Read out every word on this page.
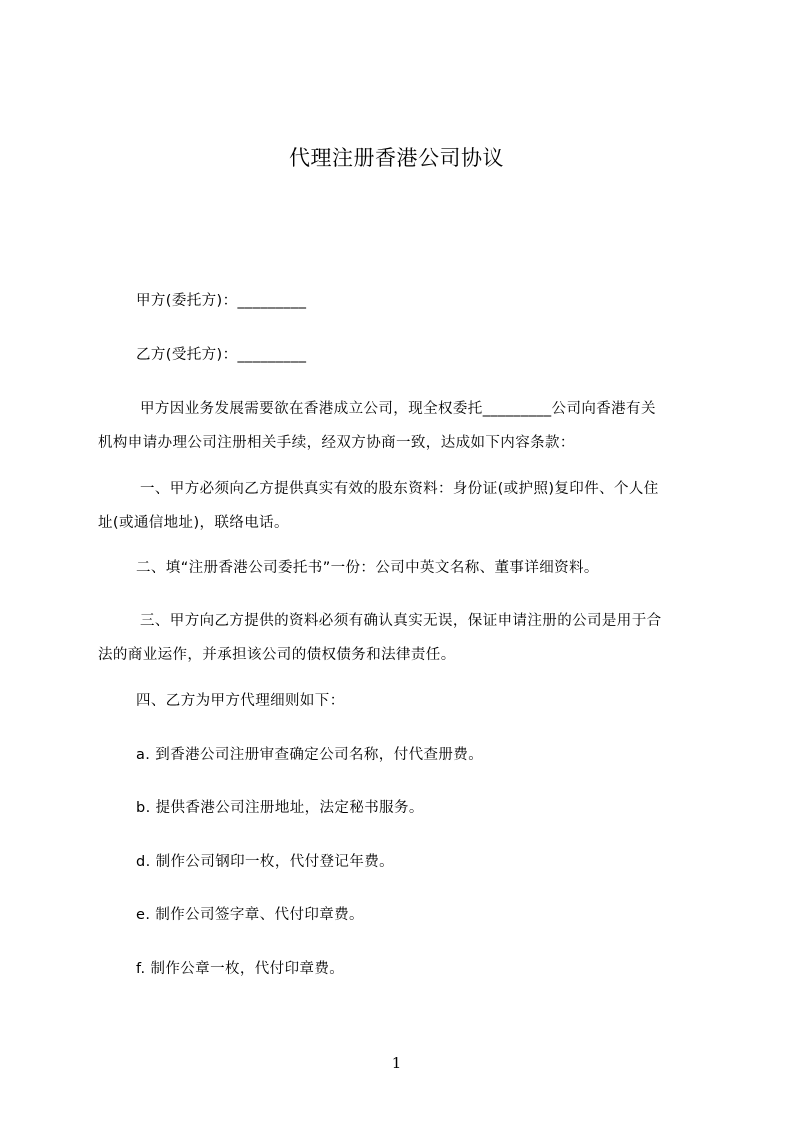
代理注册香港公司协议

甲方(委托方)：_________

乙方(受托方)：_________

甲方因业务发展需要欲在香港成立公司，现全权委托_________公司向香港有关
机构申请办理公司注册相关手续，经双方协商一致，达成如下内容条款：

一、甲方必须向乙方提供真实有效的股东资料：身份证(或护照)复印件、个人住
址(或通信地址)，联络电话。

二、填“注册香港公司委托书”一份：公司中英文名称、董事详细资料。

三、甲方向乙方提供的资料必须有确认真实无误，保证申请注册的公司是用于合
法的商业运作，并承担该公司的债权债务和法律责任。

四、乙方为甲方代理细则如下：

a. 到香港公司注册审查确定公司名称，付代查册费。

b. 提供香港公司注册地址，法定秘书服务。

d. 制作公司钢印一枚，代付登记年费。

e. 制作公司签字章、代付印章费。

f. 制作公章一枚，代付印章费。

1
